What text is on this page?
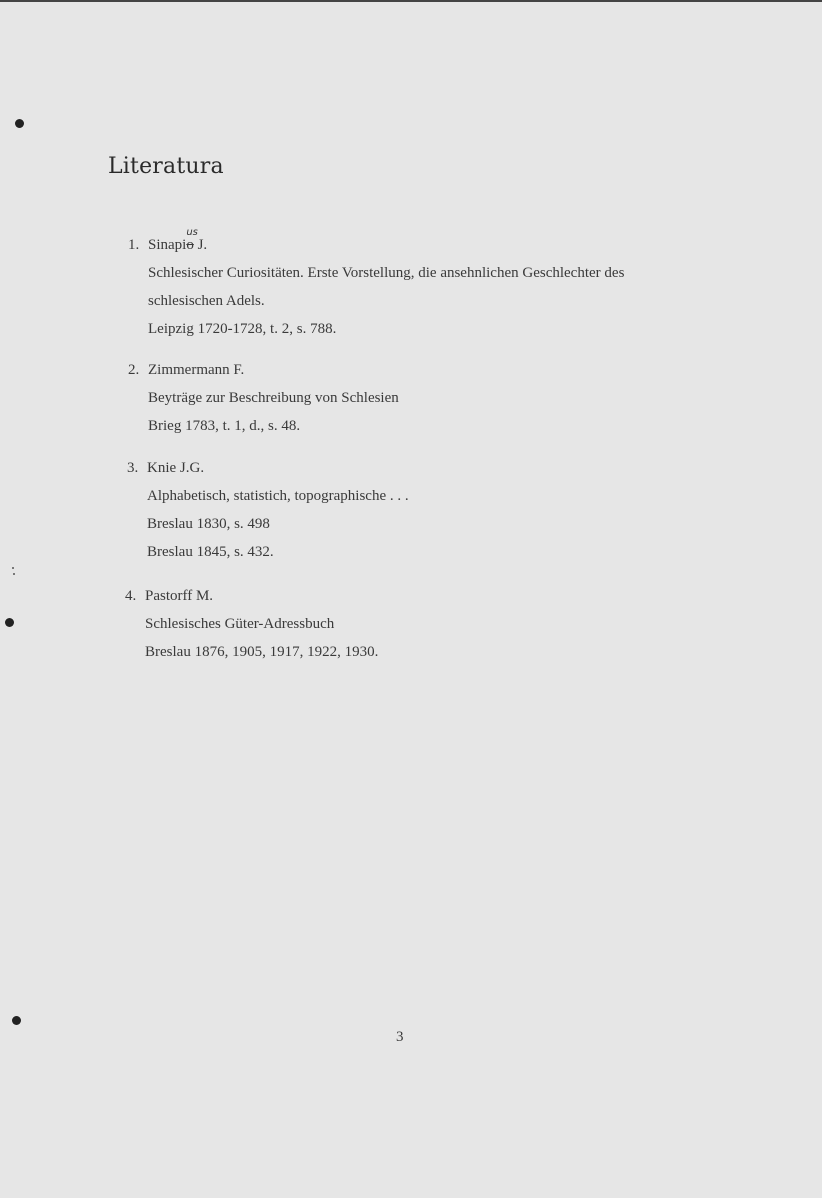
Literatura
1. Sinapio
us
J.
Schlesischer Curiositäten. Erste Vorstellung, die ansehnlichen Geschlechter des
schlesischen Adels.
Leipzig 1720-1728, t. 2, s. 788.
2. Zimmermann F.
Beyträge zur Beschreibung von Schlesien
Brieg 1783, t. 1, d., s. 48.
3. Knie J.G.
Alphabetisch, statistich, topographische . . .
Breslau 1830, s. 498
Breslau 1845, s. 432.
4. Pastorff M.
Schlesisches Güter-Adressbuch
Breslau 1876, 1905, 1917, 1922, 1930.
3
